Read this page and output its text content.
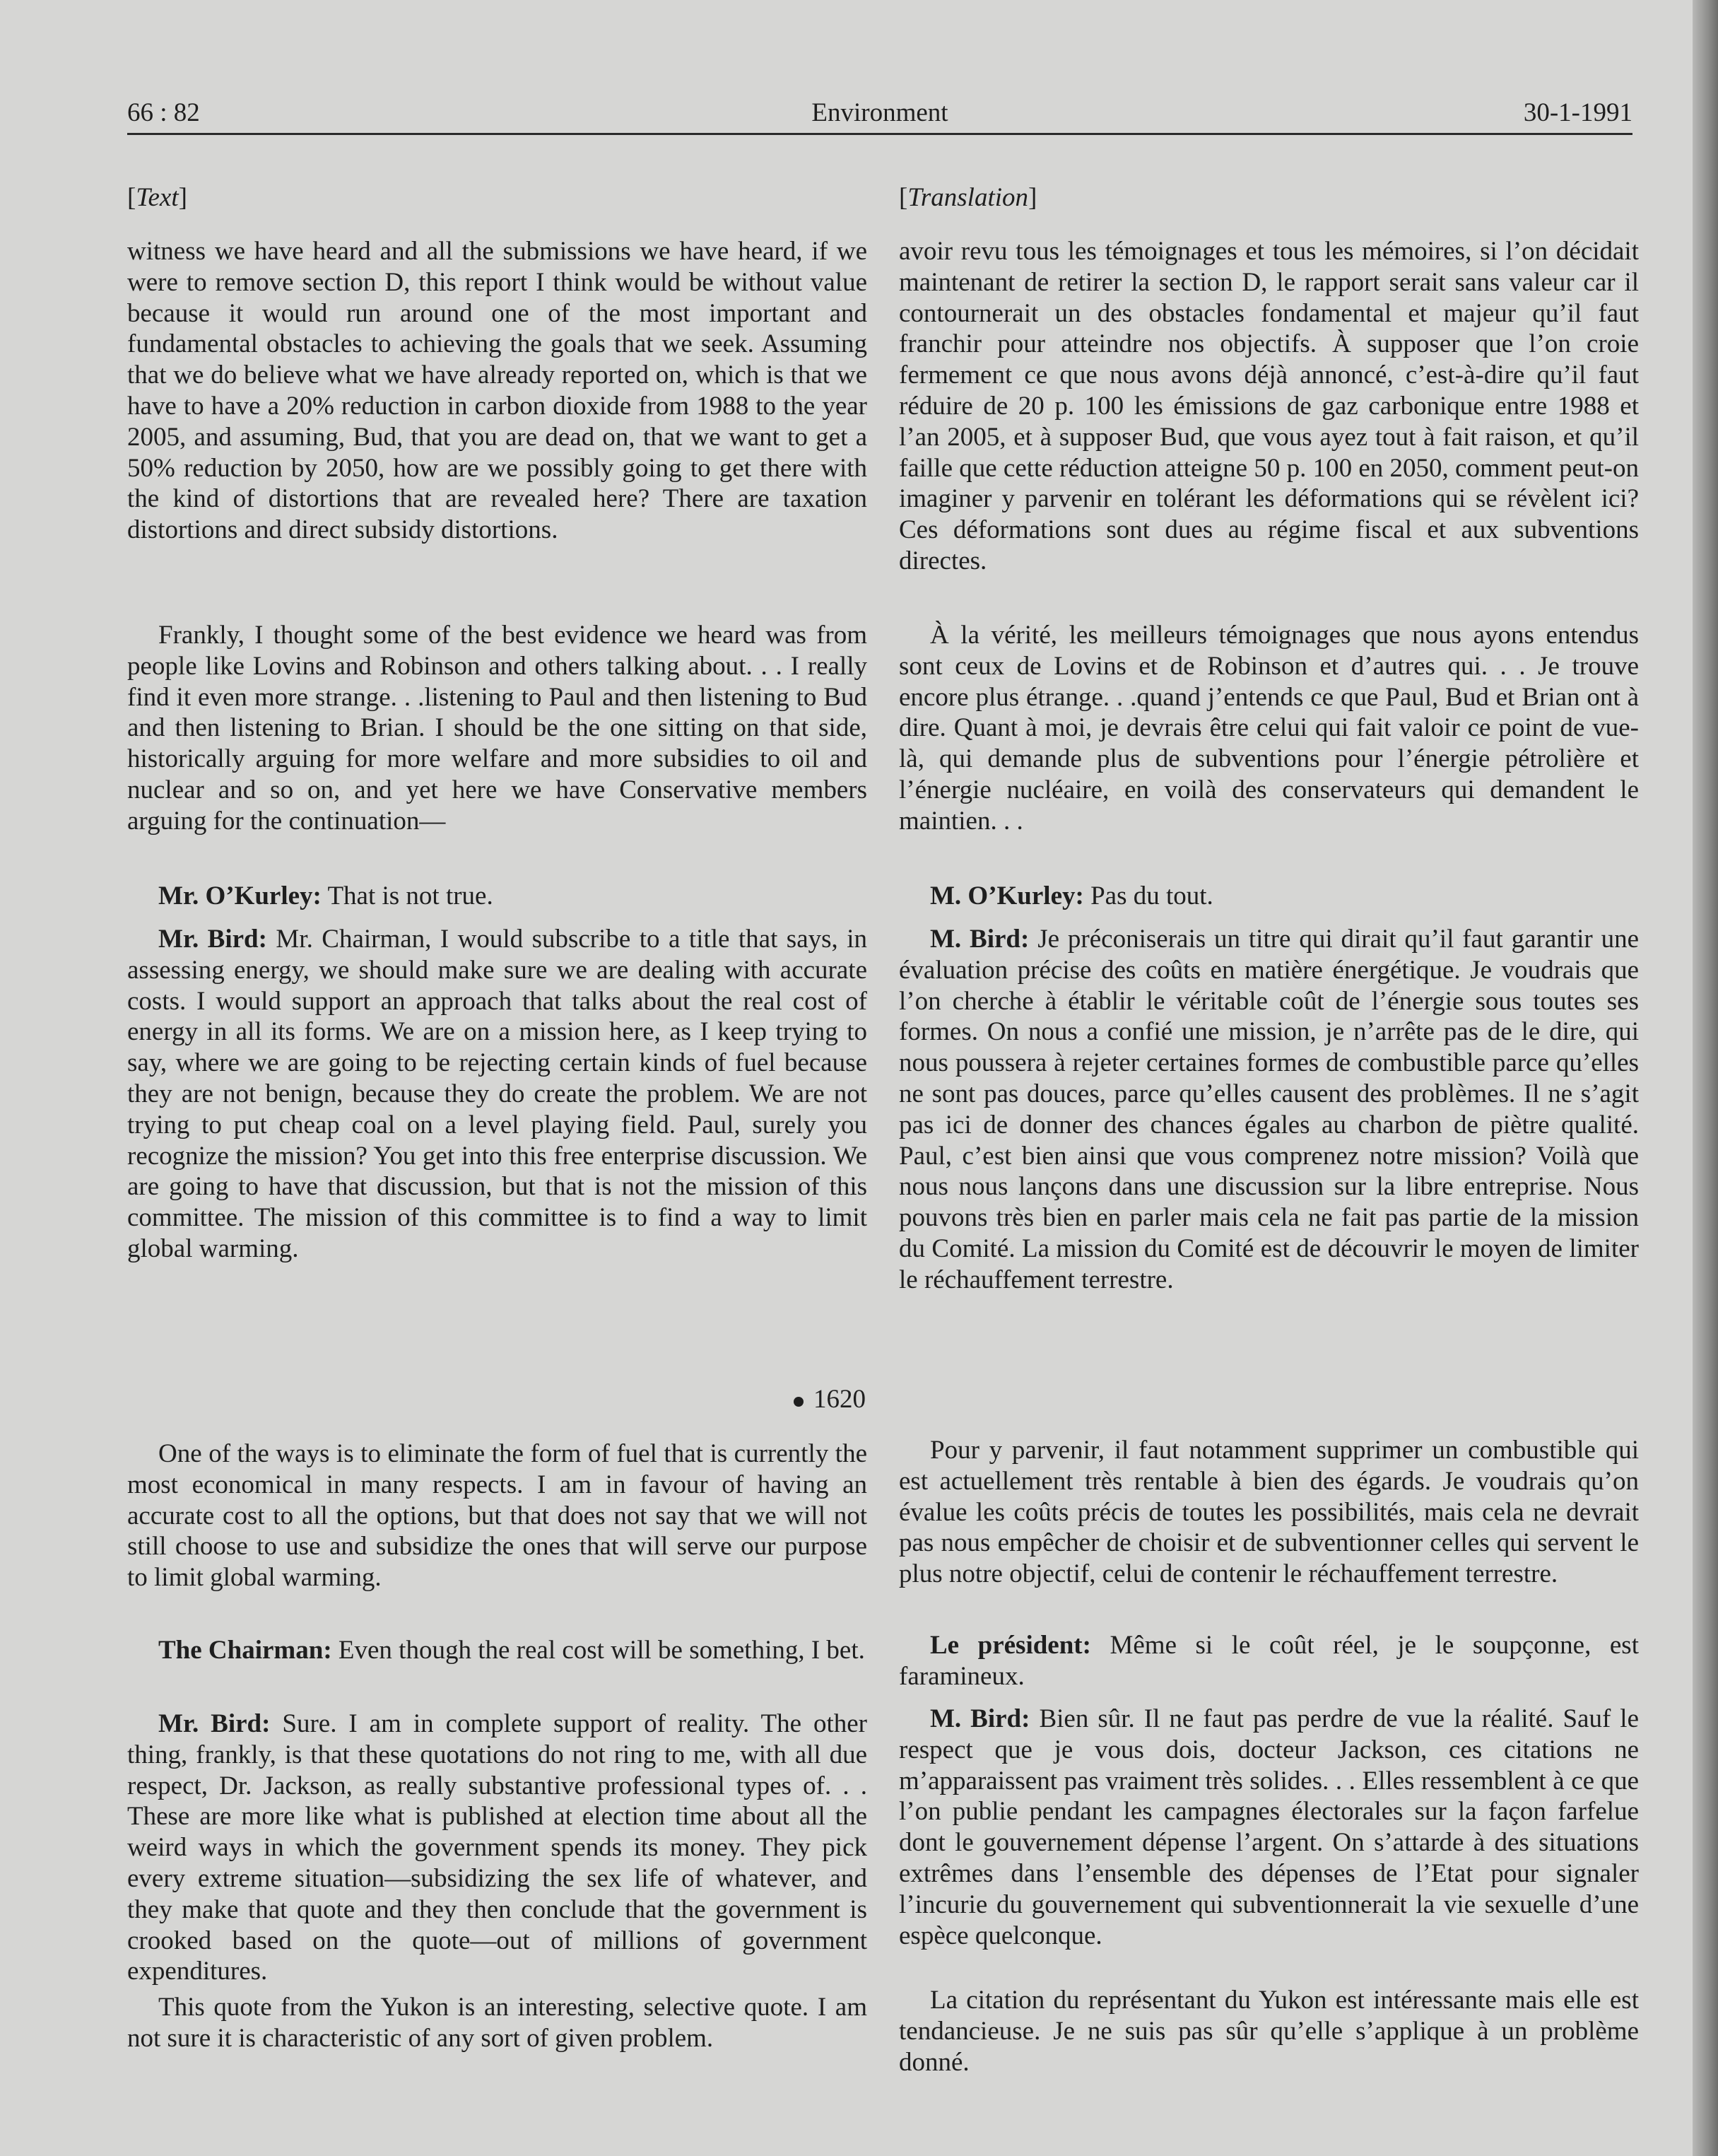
66 : 82	Environment	30-1-1991
[Text]

witness we have heard and all the submissions we have heard, if we were to remove section D, this report I think would be without value because it would run around one of the most important and fundamental obstacles to achieving the goals that we seek. Assuming that we do believe what we have already reported on, which is that we have to have a 20% reduction in carbon dioxide from 1988 to the year 2005, and assuming, Bud, that you are dead on, that we want to get a 50% reduction by 2050, how are we possibly going to get there with the kind of distortions that are revealed here? There are taxation distortions and direct subsidy distortions.

Frankly, I thought some of the best evidence we heard was from people like Lovins and Robinson and others talking about. . . I really find it even more strange. . .listening to Paul and then listening to Bud and then listening to Brian. I should be the one sitting on that side, historically arguing for more welfare and more subsidies to oil and nuclear and so on, and yet here we have Conservative members arguing for the continuation—

Mr. O’Kurley: That is not true.

Mr. Bird: Mr. Chairman, I would subscribe to a title that says, in assessing energy, we should make sure we are dealing with accurate costs. I would support an approach that talks about the real cost of energy in all its forms. We are on a mission here, as I keep trying to say, where we are going to be rejecting certain kinds of fuel because they are not benign, because they do create the problem. We are not trying to put cheap coal on a level playing field. Paul, surely you recognize the mission? You get into this free enterprise discussion. We are going to have that discussion, but that is not the mission of this committee. The mission of this committee is to find a way to limit global warming.

1620

One of the ways is to eliminate the form of fuel that is currently the most economical in many respects. I am in favour of having an accurate cost to all the options, but that does not say that we will not still choose to use and subsidize the ones that will serve our purpose to limit global warming.

The Chairman: Even though the real cost will be something, I bet.

Mr. Bird: Sure. I am in complete support of reality. The other thing, frankly, is that these quotations do not ring to me, with all due respect, Dr. Jackson, as really substantive professional types of. . . These are more like what is published at election time about all the weird ways in which the government spends its money. They pick every extreme situation—subsidizing the sex life of whatever, and they make that quote and they then conclude that the government is crooked based on the quote—out of millions of government expenditures.

This quote from the Yukon is an interesting, selective quote. I am not sure it is characteristic of any sort of given problem.

[Translation]

avoir revu tous les témoignages et tous les mémoires, si l’on décidait maintenant de retirer la section D, le rapport serait sans valeur car il contournerait un des obstacles fondamental et majeur qu’il faut franchir pour atteindre nos objectifs. À supposer que l’on croie fermement ce que nous avons déjà annoncé, c’est-à-dire qu’il faut réduire de 20 p. 100 les émissions de gaz carbonique entre 1988 et l’an 2005, et à supposer Bud, que vous ayez tout à fait raison, et qu’il faille que cette réduction atteigne 50 p. 100 en 2050, comment peut-on imaginer y parvenir en tolérant les déformations qui se révèlent ici? Ces déformations sont dues au régime fiscal et aux subventions directes.

À la vérité, les meilleurs témoignages que nous ayons entendus sont ceux de Lovins et de Robinson et d’autres qui. . . Je trouve encore plus étrange. . .quand j’entends ce que Paul, Bud et Brian ont à dire. Quant à moi, je devrais être celui qui fait valoir ce point de vue-là, qui demande plus de subventions pour l’énergie pétrolière et l’énergie nucléaire, en voilà des conservateurs qui demandent le maintien. . .

M. O’Kurley: Pas du tout.

M. Bird: Je préconiserais un titre qui dirait qu’il faut garantir une évaluation précise des coûts en matière énergétique. Je voudrais que l’on cherche à établir le véritable coût de l’énergie sous toutes ses formes. On nous a confié une mission, je n’arrête pas de le dire, qui nous poussera à rejeter certaines formes de combustible parce qu’elles ne sont pas douces, parce qu’elles causent des problèmes. Il ne s’agit pas ici de donner des chances égales au charbon de piètre qualité. Paul, c’est bien ainsi que vous comprenez notre mission? Voilà que nous nous lançons dans une discussion sur la libre entreprise. Nous pouvons très bien en parler mais cela ne fait pas partie de la mission du Comité. La mission du Comité est de découvrir le moyen de limiter le réchauffement terrestre.

Pour y parvenir, il faut notamment supprimer un combustible qui est actuellement très rentable à bien des égards. Je voudrais qu’on évalue les coûts précis de toutes les possibilités, mais cela ne devrait pas nous empêcher de choisir et de subventionner celles qui servent le plus notre objectif, celui de contenir le réchauffement terrestre.

Le président: Même si le coût réel, je le soupçonne, est faramineux.

M. Bird: Bien sûr. Il ne faut pas perdre de vue la réalité. Sauf le respect que je vous dois, docteur Jackson, ces citations ne m’apparaissent pas vraiment très solides. . . Elles ressemblent à ce que l’on publie pendant les campagnes électorales sur la façon farfelue dont le gouvernement dépense l’argent. On s’attarde à des situations extrêmes dans l’ensemble des dépenses de l’Etat pour signaler l’incurie du gouvernement qui subventionnerait la vie sexuelle d’une espèce quelconque.

La citation du représentant du Yukon est intéressante mais elle est tendancieuse. Je ne suis pas sûr qu’elle s’applique à un problème donné.
